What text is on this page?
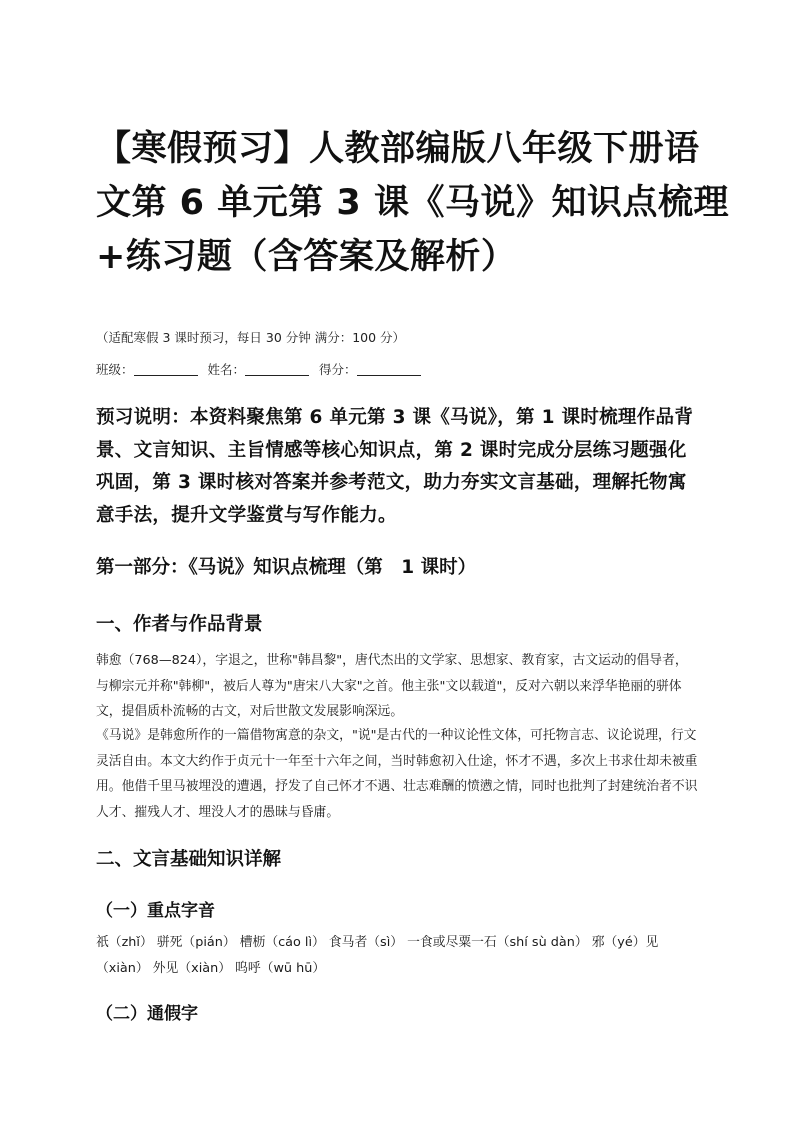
【寒假预习】人教部编版八年级下册语
文第 6 单元第 3 课《马说》知识点梳理
+练习题（含答案及解析）

（适配寒假 3 课时预习，每日 30 分钟 满分：100 分）

班级：	姓名：	得分：

预习说明：本资料聚焦第 6 单元第 3 课《马说》，第 1 课时梳理作品背景、文言知识、主旨情感等核心知识点，第 2 课时完成分层练习题强化巩固，第 3 课时核对答案并参考范文，助力夯实文言基础，理解托物寓意手法，提升文学鉴赏与写作能力。

第一部分：《马说》知识点梳理（第　1 课时）
一、作者与作品背景

韩愈（768—824），字退之，世称"韩昌黎"，唐代杰出的文学家、思想家、教育家，古文运动的倡导者，与柳宗元并称"韩柳"，被后人尊为"唐宋八大家"之首。他主张"文以载道"，反对六朝以来浮华艳丽的骈体文，提倡质朴流畅的古文，对后世散文发展影响深远。

《马说》是韩愈所作的一篇借物寓意的杂文，"说"是古代的一种议论性文体，可托物言志、议论说理，行文灵活自由。本文大约作于贞元十一年至十六年之间，当时韩愈初入仕途，怀才不遇，多次上书求仕却未被重用。他借千里马被埋没的遭遇，抒发了自己怀才不遇、壮志难酬的愤懑之情，同时也批判了封建统治者不识人才、摧残人才、埋没人才的愚昧与昏庸。

二、文言基础知识详解
（一）重点字音

祇（zhǐ） 骈死（pián） 槽枥（cáo lì） 食马者（sì） 一食或尽粟一石（shí sù dàn） 邪（yé）见（xiàn） 外见（xiàn） 呜呼（wū hū）

（二）通假字
